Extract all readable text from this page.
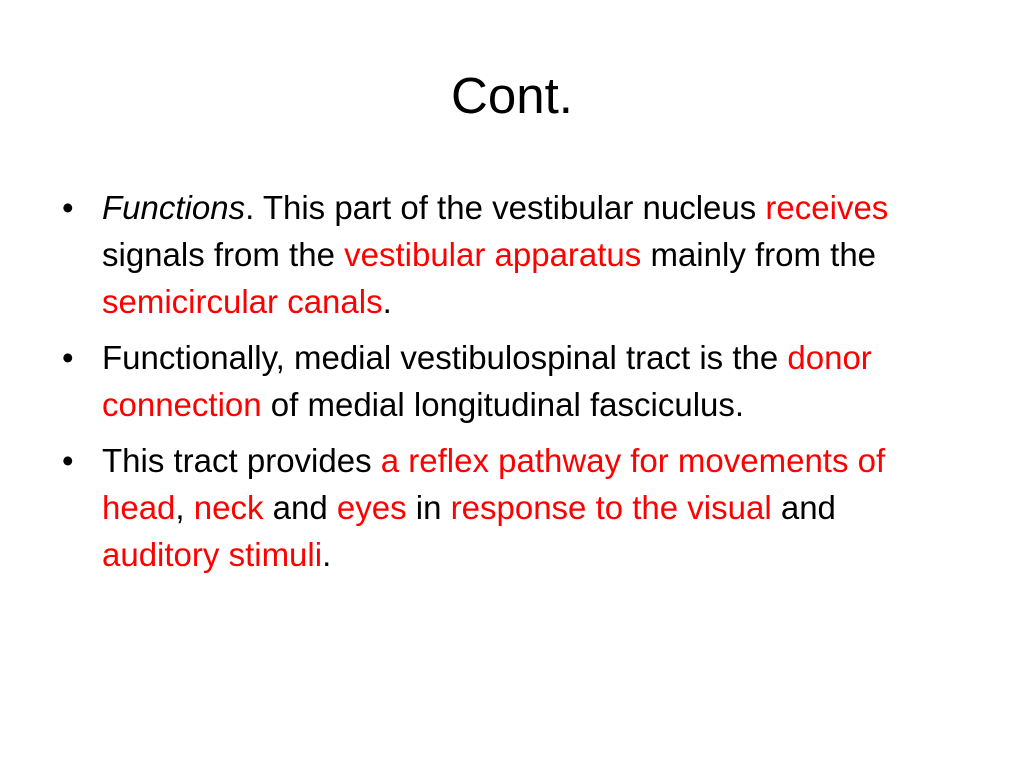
Cont.
• Functions. This part of the vestibular nucleus receives signals from the vestibular apparatus mainly from the semicircular canals.
• Functionally, medial vestibulospinal tract is the donor connection of medial longitudinal fasciculus.
• This tract provides a reflex pathway for movements of head, neck and eyes in response to the visual and auditory stimuli.
